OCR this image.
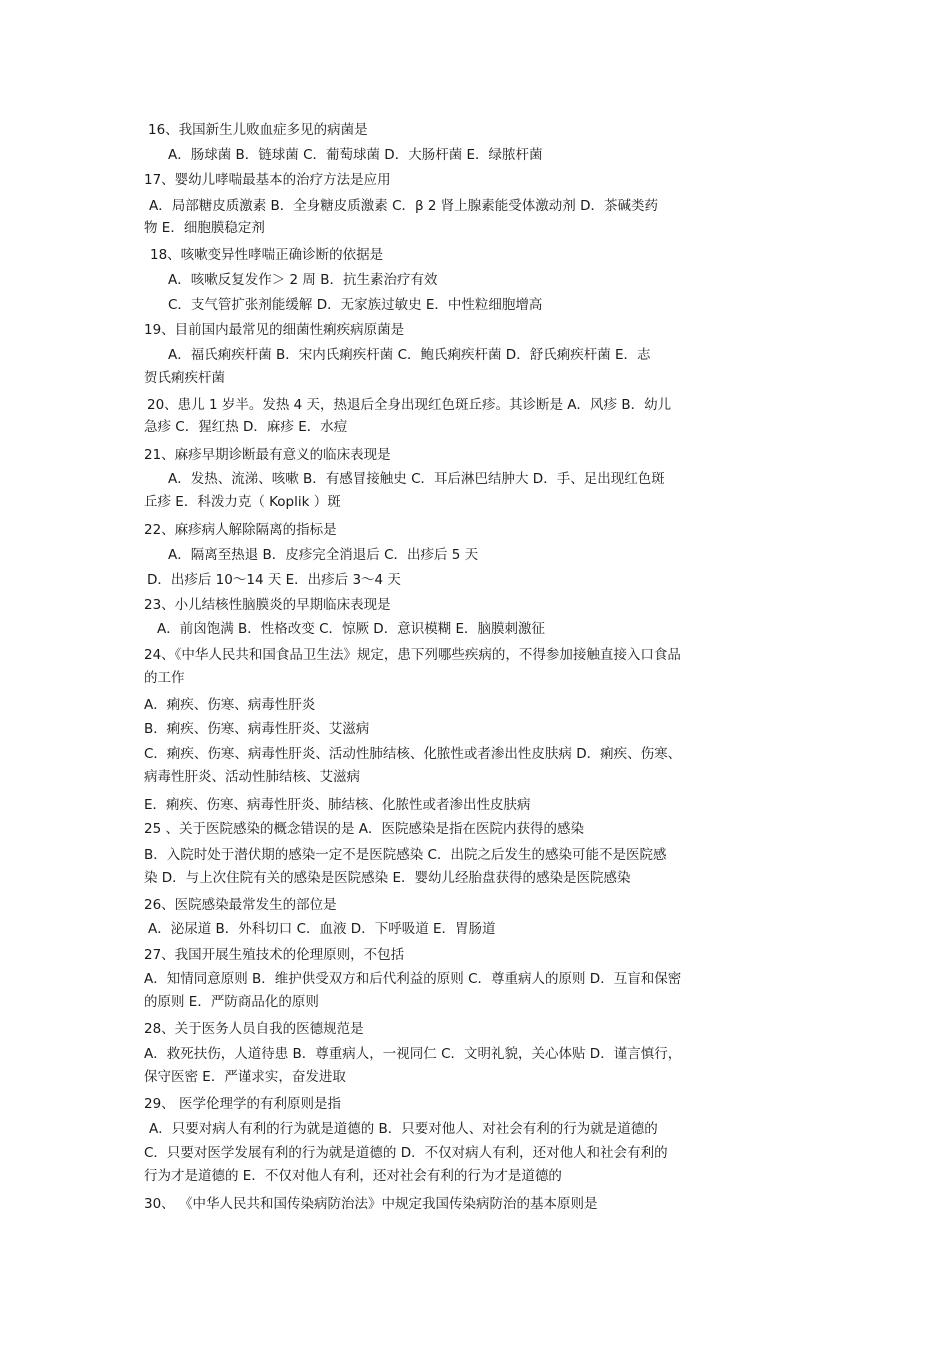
16、我国新生儿败血症多见的病菌是
A．肠球菌 B．链球菌 C．葡萄球菌 D．大肠杆菌 E．绿脓杆菌
17、婴幼儿哮喘最基本的治疗方法是应用
A．局部糖皮质激素 B．全身糖皮质激素 C．β 2 肾上腺素能受体激动剂 D．茶碱类药
物 E．细胞膜稳定剂
18、咳嗽变异性哮喘正确诊断的依据是
A．咳嗽反复发作＞ 2 周 B．抗生素治疗有效
C．支气管扩张剂能缓解 D．无家族过敏史 E．中性粒细胞增高
19、目前国内最常见的细菌性痢疾病原菌是
A．福氏痢疾杆菌 B．宋内氏痢疾杆菌 C．鲍氏痢疾杆菌 D．舒氏痢疾杆菌 E．志
贺氏痢疾杆菌
20、患儿 1 岁半。发热 4 天，热退后全身出现红色斑丘疹。其诊断是 A．风疹 B．幼儿
急疹 C．猩红热 D．麻疹 E．水痘
21、麻疹早期诊断最有意义的临床表现是
A．发热、流涕、咳嗽 B．有感冒接触史 C．耳后淋巴结肿大 D．手、足出现红色斑
丘疹 E．科泼力克（ Koplik ）斑
22、麻疹病人解除隔离的指标是
A．隔离至热退 B．皮疹完全消退后 C．出疹后 5 天
D．出疹后 10～14 天 E．出疹后 3～4 天
23、小儿结核性脑膜炎的早期临床表现是
A．前囟饱满 B．性格改变 C．惊厥 D．意识模糊 E．脑膜刺激征
24、《中华人民共和国食品卫生法》规定，患下列哪些疾病的，不得参加接触直接入口食品
的工作
A．痢疾、伤寒、病毒性肝炎
B．痢疾、伤寒、病毒性肝炎、艾滋病
C．痢疾、伤寒、病毒性肝炎、活动性肺结核、化脓性或者渗出性皮肤病 D．痢疾、伤寒、
病毒性肝炎、活动性肺结核、艾滋病
E．痢疾、伤寒、病毒性肝炎、肺结核、化脓性或者渗出性皮肤病
25 、关于医院感染的概念错误的是 A．医院感染是指在医院内获得的感染
B．入院时处于潜伏期的感染一定不是医院感染 C．出院之后发生的感染可能不是医院感
染 D．与上次住院有关的感染是医院感染 E．婴幼儿经胎盘获得的感染是医院感染
26、医院感染最常发生的部位是
A．泌尿道 B．外科切口 C．血液 D．下呼吸道 E．胃肠道
27、我国开展生殖技术的伦理原则，不包括
A．知情同意原则 B．维护供受双方和后代利益的原则 C．尊重病人的原则 D．互盲和保密
的原则 E．严防商品化的原则
28、关于医务人员自我的医德规范是
A．救死扶伤，人道待患 B．尊重病人，一视同仁 C．文明礼貌，关心体贴 D．谨言慎行，
保守医密 E．严谨求实，奋发进取
29、 医学伦理学的有利原则是指
A．只要对病人有利的行为就是道德的 B．只要对他人、对社会有利的行为就是道德的
C．只要对医学发展有利的行为就是道德的 D．不仅对病人有利，还对他人和社会有利的
行为才是道德的 E．不仅对他人有利，还对社会有利的行为才是道德的
30、 《中华人民共和国传染病防治法》中规定我国传染病防治的基本原则是
